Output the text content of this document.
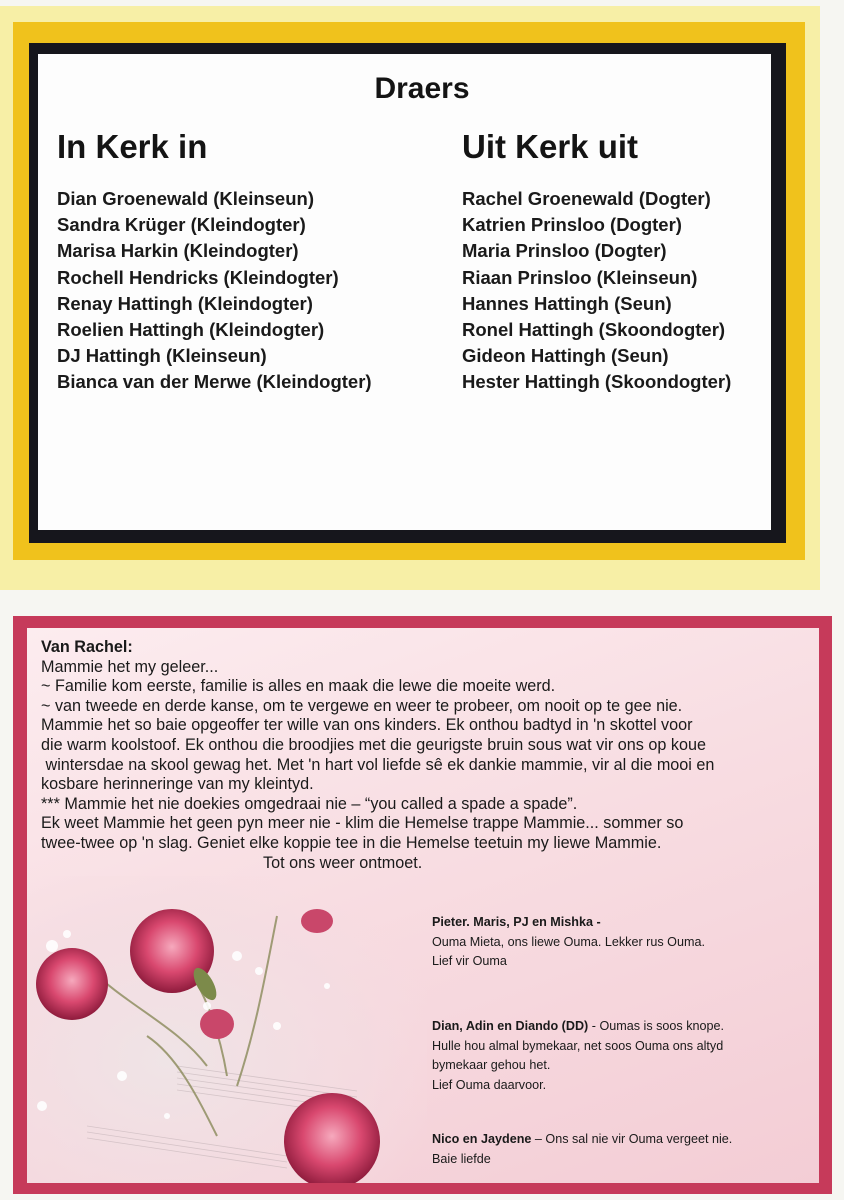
Draers
In Kerk in	Uit Kerk uit
Dian Groenewald (Kleinseun)
Sandra Krüger (Kleindogter)
Marisa Harkin (Kleindogter)
Rochell Hendricks (Kleindogter)
Renay Hattingh (Kleindogter)
Roelien Hattingh (Kleindogter)
DJ Hattingh (Kleinseun)
Bianca van der Merwe (Kleindogter)
Rachel Groenewald (Dogter)
Katrien Prinsloo (Dogter)
Maria Prinsloo (Dogter)
Riaan Prinsloo (Kleinseun)
Hannes Hattingh (Seun)
Ronel Hattingh (Skoondogter)
Gideon Hattingh (Seun)
Hester Hattingh (Skoondogter)
Van Rachel:
Mammie het my geleer...
~ Familie kom eerste, familie is alles en maak die lewe die moeite werd.
~ van tweede en derde kanse, om te vergewe en weer te probeer, om nooit op te gee nie.
Mammie het so baie opgeoffer ter wille van ons kinders. Ek onthou badtyd in 'n skottel voor
die warm koolstoof. Ek onthou die broodjies met die geurigste bruin sous wat vir ons op koue
wintersdae na skool gewag het. Met 'n hart vol liefde sê ek dankie mammie, vir al die mooi en
kosbare herinneringe van my kleintyd.
*** Mammie het nie doekies omgedraai nie – “you called a spade a spade”.
Ek weet Mammie het geen pyn meer nie - klim die Hemelse trappe Mammie... sommer so
twee-twee op 'n slag. Geniet elke koppie tee in die Hemelse teetuin my liewe Mammie.
Tot ons weer ontmoet.
Pieter. Maris, PJ en Mishka -
Ouma Mieta, ons liewe Ouma. Lekker rus Ouma.
Lief vir Ouma
Dian, Adin en Diando (DD) - Oumas is soos knope.
Hulle hou almal bymekaar, net soos Ouma ons altyd
bymekaar gehou het.
Lief Ouma daarvoor.
Nico en Jaydene – Ons sal nie vir Ouma vergeet nie.
Baie liefde
